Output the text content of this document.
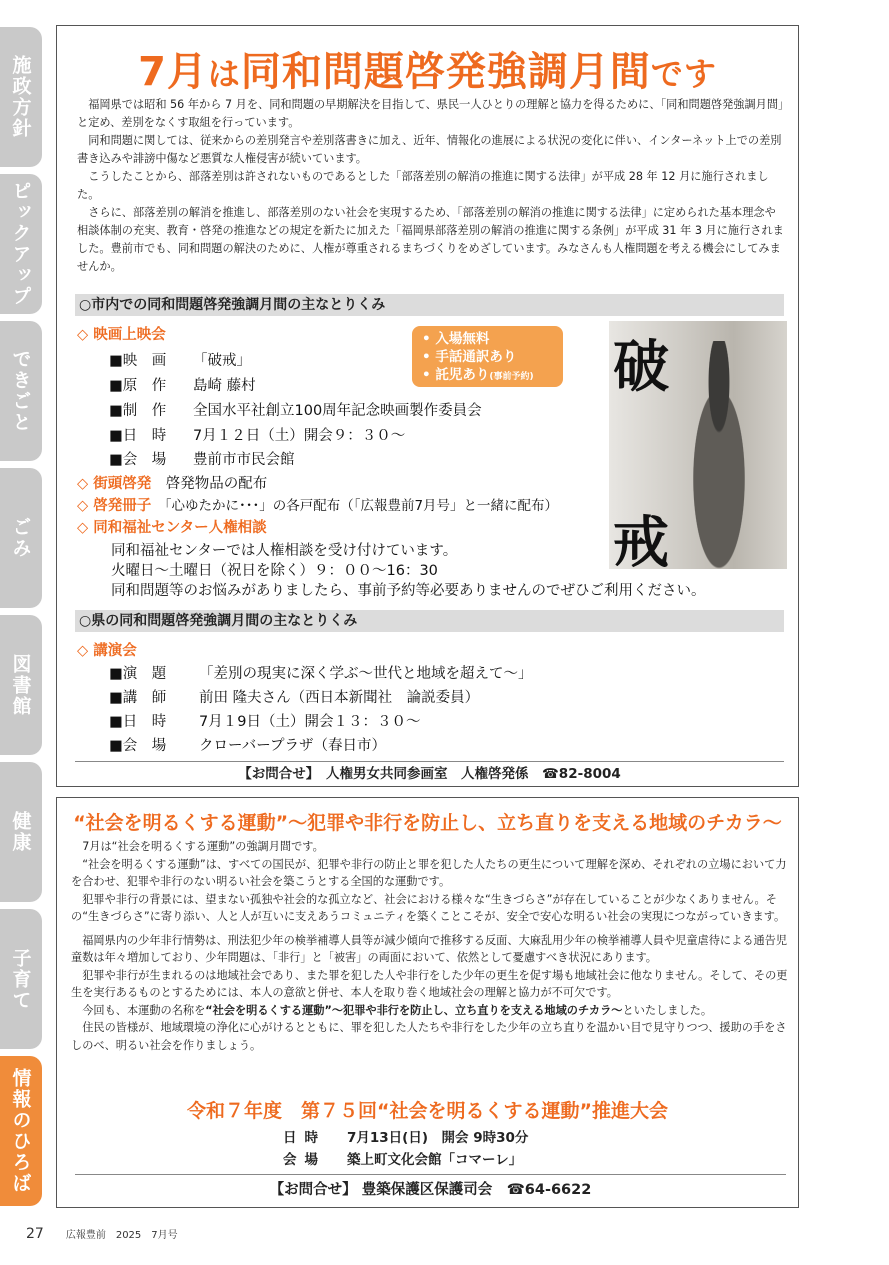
施政方針
ピックアップ
できごと
ごみ
図書館
健康
子育て
情報のひろば
7月は同和問題啓発強調月間です

福岡県では昭和 56 年から 7 月を、同和問題の早期解決を目指して、県民一人ひとりの理解と協力を得るために、「同和問題啓発強調月間」と定め、差別をなくす取組を行っています。

同和問題に関しては、従来からの差別発言や差別落書きに加え、近年、情報化の進展による状況の変化に伴い、インターネット上での差別書き込みや誹謗中傷など悪質な人権侵害が続いています。

こうしたことから、部落差別は許されないものであるとした「部落差別の解消の推進に関する法律」が平成 28 年 12 月に施行されました。

さらに、部落差別の解消を推進し、部落差別のない社会を実現するため、「部落差別の解消の推進に関する法律」に定められた基本理念や相談体制の充実、教育・啓発の推進などの規定を新たに加えた「福岡県部落差別の解消の推進に関する条例」が平成 31 年 3 月に施行されました。豊前市でも、同和問題の解決のために、人権が尊重されるまちづくりをめざしています。みなさんも人権問題を考える機会にしてみませんか。

○市内での同和問題啓発強調月間の主なとりくみ
◇ 映画上映会
■映　画 「破戒」
■原　作 島崎 藤村
■制　作 全国水平社創立100周年記念映画製作委員会
■日　時 7月１２日（土）開会９：３０～
■会　場 豊前市市民会館
• 入場無料
• 手話通訳あり
• 託児あり(事前予約)	破
戒
◇ 街頭啓発　 啓発物品の配布
◇ 啓発冊子　 「心ゆたかに･･･」の各戸配布（「広報豊前7月号」と一緒に配布）
◇ 同和福祉センター人権相談
同和福祉センターでは人権相談を受け付けています。
火曜日～土曜日（祝日を除く）９：００～16：30
同和問題等のお悩みがありましたら、事前予約等必要ありませんのでぜひご利用ください。
○県の同和問題啓発強調月間の主なとりくみ
◇ 講演会
■演　題 「差別の現実に深く学ぶ～世代と地域を超えて～」
■講　師 前田 隆夫さん（西日本新聞社　論説委員）
■日　時 7月１9日（土）開会１３：３０～
■会　場 クローバープラザ（春日市）
【お問合せ】　人権男女共同参画室　人権啓発係　☎82-8004
“社会を明るくする運動”～犯罪や非行を防止し、立ち直りを支える地域のチカラ～

7月は“社会を明るくする運動”の強調月間です。

“社会を明るくする運動”は、すべての国民が、犯罪や非行の防止と罪を犯した人たちの更生について理解を深め、それぞれの立場において力を合わせ、犯罪や非行のない明るい社会を築こうとする全国的な運動です。

犯罪や非行の背景には、望まない孤独や社会的な孤立など、社会における様々な“生きづらさ”が存在していることが少なくありません。その“生きづらさ”に寄り添い、人と人が互いに支えあうコミュニティを築くことこそが、安全で安心な明るい社会の実現につながっていきます。

福岡県内の少年非行情勢は、刑法犯少年の検挙補導人員等が減少傾向で推移する反面、大麻乱用少年の検挙補導人員や児童虐待による通告児童数は年々増加しており、少年問題は、「非行」と「被害」の両面において、依然として憂慮すべき状況にあります。

犯罪や非行が生まれるのは地域社会であり、また罪を犯した人や非行をした少年の更生を促す場も地域社会に他なりません。そして、その更生を実行あるものとするためには、本人の意欲と併せ、本人を取り巻く地域社会の理解と協力が不可欠です。

今回も、本運動の名称を“社会を明るくする運動”～犯罪や非行を防止し、立ち直りを支える地域のチカラ～といたしました。

住民の皆様が、地域環境の浄化に心がけるとともに、罪を犯した人たちや非行をした少年の立ち直りを温かい目で見守りつつ、援助の手をさしのべ、明るい社会を作りましょう。

令和７年度　第７５回“社会を明るくする運動”推進大会
日時 7月13日(日)　開会 9時30分
会場 築上町文化会館「コマーレ」
【お問合せ】 豊築保護区保護司会　☎64-6622
27 広報豊前　2025　7月号
